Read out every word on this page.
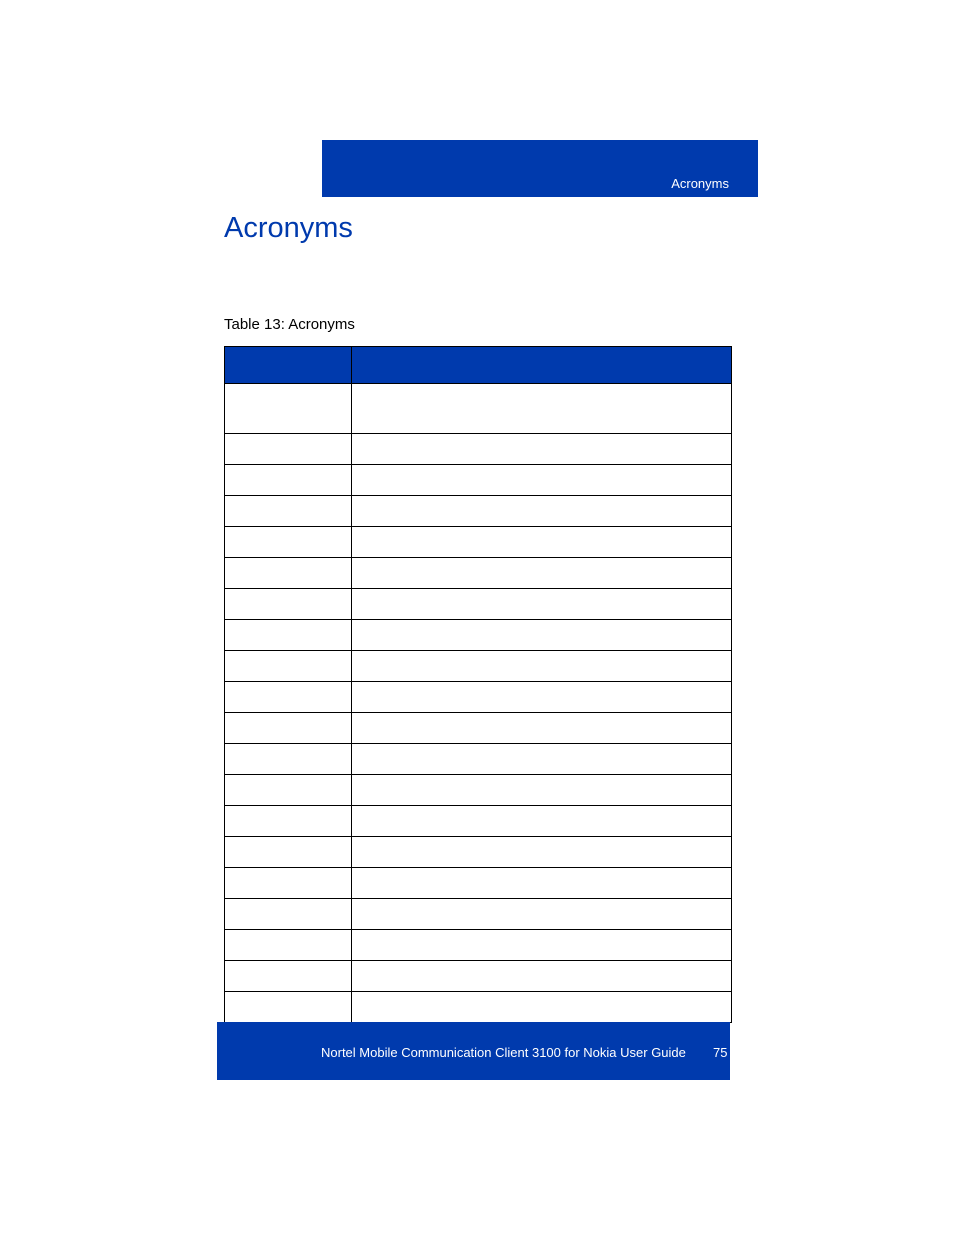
Acronyms
Acronyms
Table 13: Acronyms

Nortel Mobile Communication Client 3100 for Nokia User Guide 75
